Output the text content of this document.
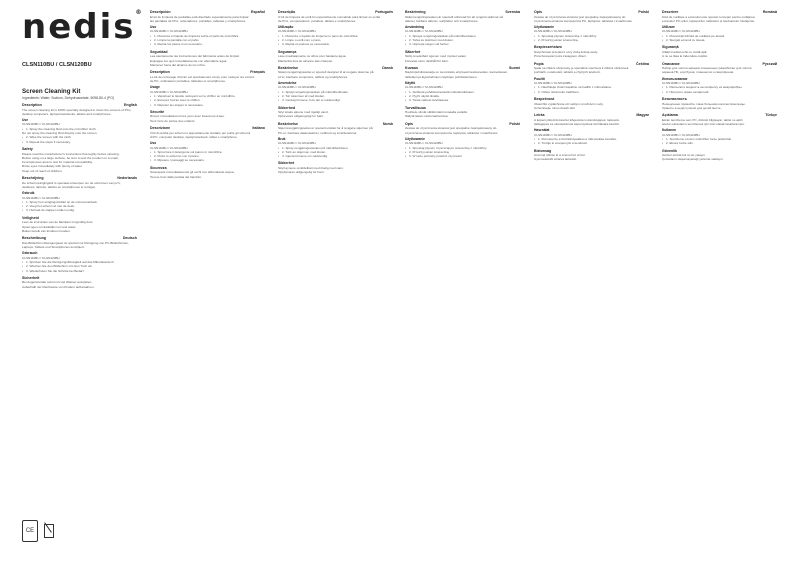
nedis®
CLSN110BU / CLSN120BU
Screen Cleaning Kit
Ingredients: Water, Sodium, Dehydroacetate, 5098-80-4 (PO)
Description	English
The screen cleaning kit is 100% specially designed to clean the screens of PCs,
desktop computers, laptops/notebooks, tablets and smartphones.
Use
CLSN110BU / CLSN120BU
• 1. Spray the cleaning fluid onto the microfiber cloth.
Do not spray the cleaning fluid directly onto the screen.
• 2. Wipe the screen with the cloth.
• 3. Repeat the steps if necessary.
Safety
Please read the manufacturer's instructions thoroughly before cleaning.
Before using on a large surface, be sure to test the product on a small,
inconspicuous area to test for material compatibility.
Rinse eyes immediately with plenty of water.
Keep out of reach of children.
Beschrijving	Nederlands
De schermreinigingskit is speciaal ontworpen om de schermen van pc's,
desktops, laptops, tablets en smartphones te reinigen.
Gebruik
CLSN110BU / CLSN120BU
• 1. Spray het reinigingsmiddel op de microvezeldoek.
• 2. Veeg het scherm af met de doek.
• 3. Herhaal de stappen indien nodig.
Veiligheid
Lees de instructies van de fabrikant zorgvuldig door.
Spoel ogen onmiddellijk met veel water.
Buiten bereik van kinderen houden.
Beschreibung	Deutsch
Das Bildschirm-Reinigungsset ist speziell zur Reinigung von PC-Bildschirmen,
Laptops, Tablets und Smartphones konzipiert.
Gebrauch
CLSN110BU / CLSN120BU
• 1. Sprühen Sie die Reinigungsflüssigkeit auf das Mikrofasertuch.
• 2. Wischen Sie den Bildschirm mit dem Tuch ab.
• 3. Wiederholen Sie die Schritte bei Bedarf.
Sicherheit
Bei Augenkontakt sofort mit viel Wasser ausspülen.
Außerhalb der Reichweite von Kindern aufbewahren.
Descripción	Español
El kit de limpieza de pantallas está diseñado especialmente para limpiar
las pantallas de PCs, ordenadores, portátiles, tabletas y smartphones.
Uso
CLSN110BU / CLSN120BU
• 1. Pulverice el líquido de limpieza sobre el paño de microfibra.
• 2. Limpie la pantalla con el paño.
• 3. Repita los pasos si es necesario.
Seguridad
Lea atentamente las instrucciones del fabricante antes de limpiar.
Enjuague los ojos inmediatamente con abundante agua.
Mantener fuera del alcance de los niños.
Description	Français
Le kit de nettoyage d'écran est spécialement conçu pour nettoyer les écrans
de PC, ordinateurs portables, tablettes et smartphones.
Usage
CLSN110BU / CLSN120BU
• 1. Vaporisez le liquide nettoyant sur le chiffon en microfibre.
• 2. Essuyez l'écran avec le chiffon.
• 3. Répétez les étapes si nécessaire.
Sécurité
Rincez immédiatement les yeux avec beaucoup d'eau.
Tenir hors de portée des enfants.
Descrizione	Italiano
Il kit di pulizia per schermi è appositamente studiato per pulire gli schermi
di PC, computer desktop, laptop/notebook, tablet e smartphone.
Uso
CLSN110BU / CLSN120BU
• 1. Spruzzare il detergente sul panno in microfibra.
• 2. Pulire lo schermo con il panno.
• 3. Ripetere i passaggi se necessario.
Sicurezza
Sciacquare immediatamente gli occhi con abbondante acqua.
Tenere fuori dalla portata dei bambini.
Descrição	Português
O kit de limpeza de ecrã foi especialmente concebido para limpar os ecrãs
de PCs, computadores, portáteis, tablets e smartphones.
Utilização
CLSN110BU / CLSN120BU
• 1. Pulverize o líquido de limpeza no pano de microfibra.
• 2. Limpe o ecrã com o pano.
• 3. Repita os passos se necessário.
Segurança
Lave imediatamente os olhos com bastante água.
Mantenha fora do alcance das crianças.
Beskrivelse	Dansk
Skærmrengøringssættet er specielt designet til at rengøre skærme på
pc'er, bærbare computere, tablets og smartphones.
Anvendelse
CLSN110BU / CLSN120BU
• 1. Sprøjt rengøringsvæsken på mikrofiberkluden.
• 2. Tør skærmen af med kluden.
• 3. Gentag trinnene, hvis det er nødvendigt.
Sikkerhed
Skyl straks øjnene med rigeligt vand.
Opbevares utilgængeligt for børn.
Beskrivelse	Norsk
Skjermrengjøringssettet er spesielt utviklet for å rengjøre skjermer på
PC-er, bærbare datamaskiner, nettbrett og smarttelefoner.
Bruk
CLSN110BU / CLSN120BU
• 1. Spray rengjøringsvæsken på mikrofiberkluten.
• 2. Tørk av skjermen med kluten.
• 3. Gjenta trinnene om nødvendig.
Sikkerhet
Skyll øynene umiddelbart med rikelig med vann.
Oppbevares utilgjengelig for barn.
Beskrivning	Svenska
Skärmrengöringssatsen är speciellt utformad för att rengöra skärmar på
datorer, bärbara datorer, surfplattor och smartphones.
Användning
CLSN110BU / CLSN120BU
• 1. Spraya rengöringsvätskan på mikrofiberduken.
• 2. Torka av skärmen med duken.
• 3. Upprepa stegen vid behov.
Säkerhet
Skölj omedelbart ögonen med mycket vatten.
Förvaras utom räckhåll för barn.
Kuvaus	Suomi
Näytönpuhdistussarja on suunniteltu erityisesti tietokoneiden, kannettavien,
tablettien ja älypuhelimien näyttöjen puhdistamiseen.
Käyttö
CLSN110BU / CLSN120BU
• 1. Suihkuta puhdistusnestettä mikrokuituliinaan.
• 2. Pyyhi näyttö liinalla.
• 3. Toista vaiheet tarvittaessa.
Turvallisuus
Huuhtele silmät välittömästi runsaalla vedellä.
Säilytä lasten ulottumattomissa.
Opis	Polski
Zestaw do czyszczenia ekranów jest specjalnie zaprojektowany do
czyszczenia ekranów komputerów, laptopów, tabletów i smartfonów.
Użytkowanie
CLSN110BU / CLSN120BU
• 1. Spryskaj płynem czyszczącym ściereczkę z mikrofibry.
• 2. Przetrzyj ekran ściereczką.
• 3. W razie potrzeby powtórz czynności.
Opis	Polski
Zestaw do czyszczenia ekranów jest specjalnie zaprojektowany do
czyszczenia ekranów komputerów PC, laptopów, tabletów i smartfonów.
Użytkowanie
CLSN110BU / CLSN120BU
• 1. Spryskaj płynem ściereczkę z mikrofibry.
• 2. Przetrzyj ekran ściereczką.
Bezpieczeństwo
Natychmiast przepłucz oczy dużą ilością wody.
Przechowywać poza zasięgiem dzieci.
Popis	Čeština
Sada na čištění obrazovky je speciálně navržena k čištění obrazovek
počítačů, notebooků, tabletů a chytrých telefonů.
Použití
CLSN110BU / CLSN120BU
• 1. Nastříkejte čisticí kapalinu na hadřík z mikrovlákna.
• 2. Otřete obrazovku hadříkem.
Bezpečnost
Okamžitě vypláchněte oči velkým množstvím vody.
Uchovávejte mimo dosah dětí.
Leírás	Magyar
A képernyőtisztító készlet kifejezetten számítógépek, laptopok,
táblagépek és okostelefonok képernyőinek tisztítására készült.
Használat
CLSN110BU / CLSN120BU
• 1. Permetezze a tisztítófolyadékot a mikroszálas kendőre.
• 2. Törölje le a képernyőt a kendővel.
Biztonság
Azonnal öblítse ki a szemét bő vízzel.
Gyermekektől elzárva tartandó.
Descriere	Română
Kitul de curățare a ecranului este special conceput pentru curățarea
ecranelor PC-urilor, laptopurilor, tabletelor și telefoanelor inteligente.
Utilizare
CLSN110BU / CLSN120BU
• 1. Pulverizați lichidul de curățare pe lavetă.
• 2. Ștergeți ecranul cu laveta.
Siguranță
Clătiți imediat ochii cu multă apă.
A nu se lăsa la îndemâna copiilor.
Описание	Русский
Набор для чистки экранов специально разработан для чистки
экранов ПК, ноутбуков, планшетов и смартфонов.
Использование
CLSN110BU / CLSN120BU
• 1. Распылите жидкость на салфетку из микрофибры.
• 2. Протрите экран салфеткой.
Безопасность
Немедленно промойте глаза большим количеством воды.
Хранить в недоступном для детей месте.
Açıklama	Türkçe
Ekran temizleme seti, PC, dizüstü bilgisayar, tablet ve akıllı
telefon ekranlarını temizlemek için özel olarak tasarlanmıştır.
Kullanım
CLSN110BU / CLSN120BU
• 1. Temizleme sıvısını mikrofiber beze püskürtün.
• 2. Ekranı bezle silin.
Güvenlik
Gözleri derhal bol su ile yıkayın.
Çocukların ulaşamayacağı yerlerde saklayın.
CE
